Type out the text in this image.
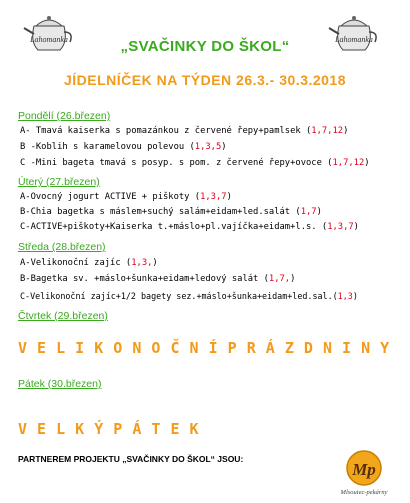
Lahomanka	Lahomanka
„SVAČINKY DO ŠKOL“
JÍDELNÍČEK NA TÝDEN 26.3.- 30.3.2018
Pondělí (26.březen)
A- Tmavá kaiserka s pomazánkou z červené řepy+pamlsek (1,7,12)
B -Koblih s karamelovou polevou (1,3,5)
C -Mini bageta tmavá s posyp. s pom. z červené řepy+ovoce (1,7,12)
Úterý (27.březen)
A-Ovocný jogurt ACTIVE + piškoty (1,3,7)
B-Chia bagetka s máslem+suchý salám+eidam+led.salát (1,7)
C-ACTIVE+piškoty+Kaiserka t.+máslo+pl.vajíčka+eidam+l.s. (1,3,7)
Středa (28.březen)
A-Velikonoční zajíc (1,3,)
B-Bagetka sv. +máslo+šunka+eidam+ledový salát (1,7,)
C-Velikonoční zajíc+1/2 bagety sez.+máslo+šunka+eidam+led.sal.(1,3)
Čtvrtek (29.březen)
V E L I K O N O Č N Í P R Á Z D N I N Y
Pátek (30.březen)
V E L K Ý P Á T E K
PARTNEREM PROJEKTU „SVAČINKY DO ŠKOL“ JSOU:
Mp
Mlsoutec-pekárny
